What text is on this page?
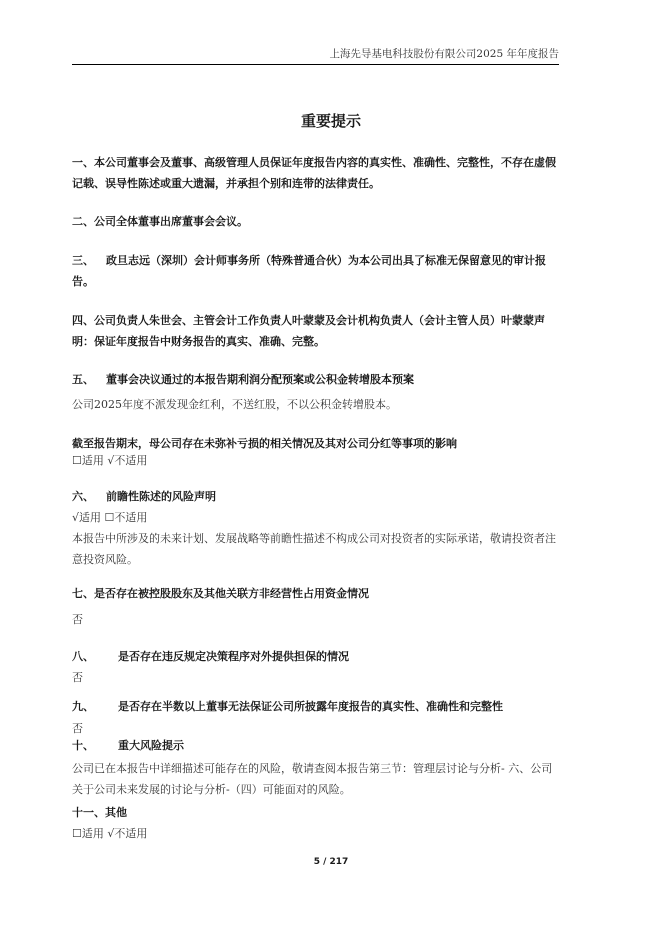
上海先导基电科技股份有限公司2025 年年度报告
重要提示
一、本公司董事会及董事、高级管理人员保证年度报告内容的真实性、准确性、完整性，不存在虚假记载、误导性陈述或重大遗漏，并承担个别和连带的法律责任。
二、公司全体董事出席董事会会议。
三、 政旦志远（深圳）会计师事务所（特殊普通合伙）为本公司出具了标准无保留意见的审计报告。
四、公司负责人朱世会、主管会计工作负责人叶蒙蒙及会计机构负责人（会计主管人员）叶蒙蒙声明：保证年度报告中财务报告的真实、准确、完整。
五、 董事会决议通过的本报告期利润分配预案或公积金转增股本预案
公司2025年度不派发现金红利，不送红股，不以公积金转增股本。
截至报告期末，母公司存在未弥补亏损的相关情况及其对公司分红等事项的影响
☐适用 √不适用
六、 前瞻性陈述的风险声明
√适用 ☐不适用
本报告中所涉及的未来计划、发展战略等前瞻性描述不构成公司对投资者的实际承诺，敬请投资者注意投资风险。
七、是否存在被控股股东及其他关联方非经营性占用资金情况
否
八、 是否存在违反规定决策程序对外提供担保的情况
否
九、 是否存在半数以上董事无法保证公司所披露年度报告的真实性、准确性和完整性
否
十、 重大风险提示
公司已在本报告中详细描述可能存在的风险，敬请查阅本报告第三节：管理层讨论与分析- 六、公司关于公司未来发展的讨论与分析-（四）可能面对的风险。
十一、其他
☐适用 √不适用
5 / 217
